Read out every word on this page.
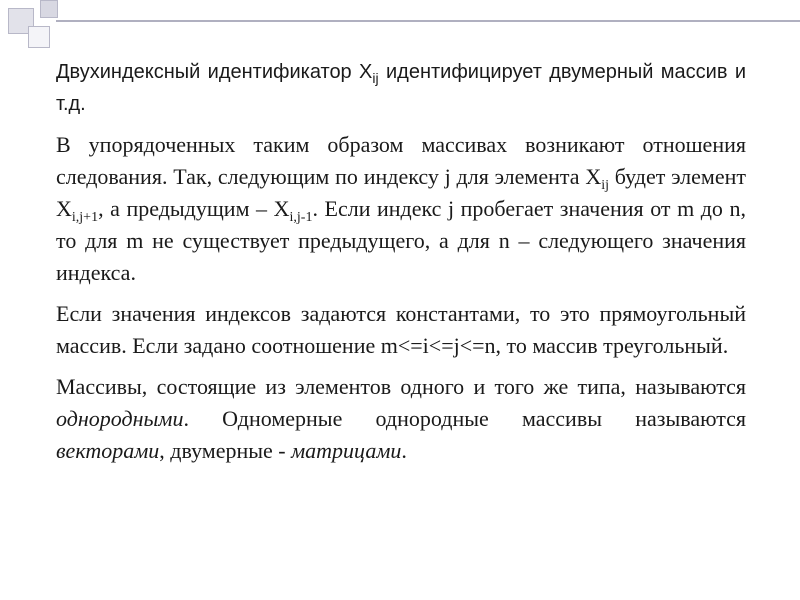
Двухиндексный идентификатор $X_{ij}$ идентифицирует двумерный массив и т.д.

В упорядоченных таким образом массивах возникают отношения следования. Так, следующим по индексу j для элемента $X_{ij}$ будет элемент $X_{i,j+1}$, а предыдущим – $X_{i,j-1}$. Если индекс j пробегает значения от m до n, то для m не существует предыдущего, а для n – следующего значения индекса.

Если значения индексов задаются константами, то это прямоугольный массив. Если задано соотношение m<=i<=j<=n, то массив треугольный.

Массивы, состоящие из элементов одного и того же типа, называются однородными. Одномерные однородные массивы называются векторами, двумерные - матрицами.
